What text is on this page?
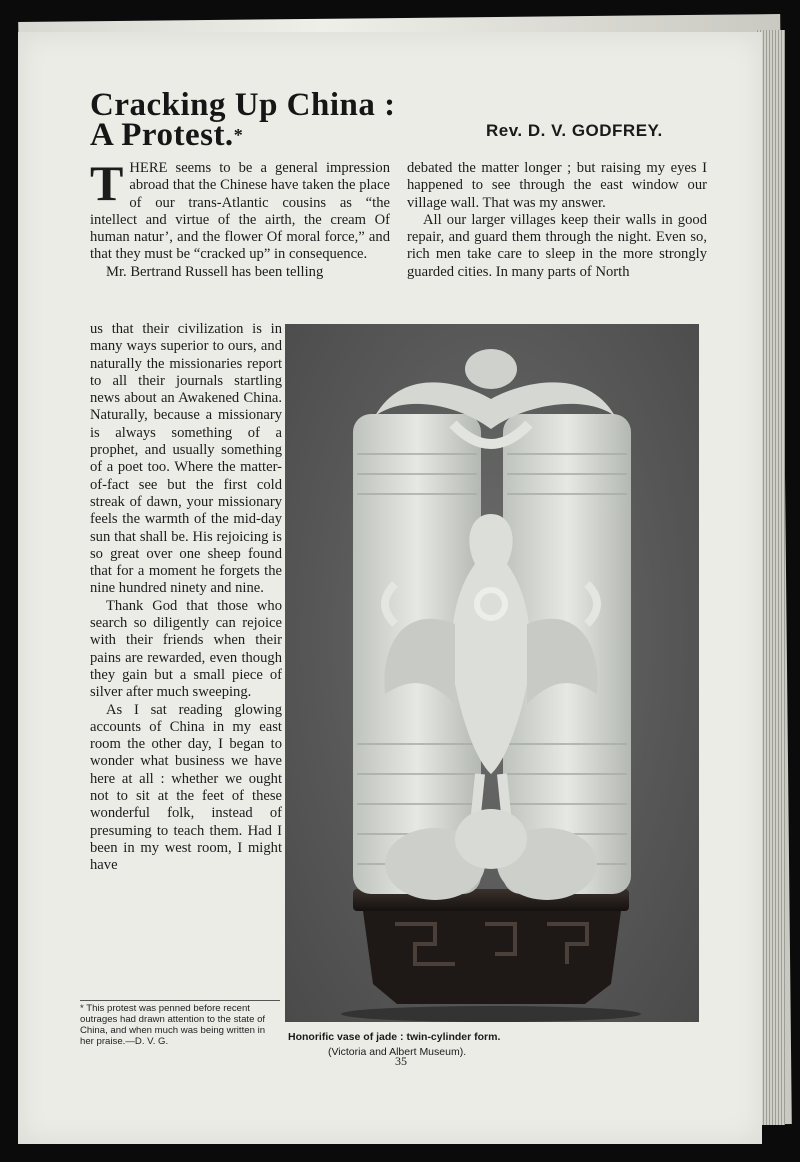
Cracking Up China :
A Protest.*	Rev. D. V. GODFREY.

THERE seems to be a general impression abroad that the Chinese have taken the place of our trans-Atlantic cousins as “the intellect and virtue of the airth, the cream Of human natur’, and the flower Of moral force,” and that they must be “cracked up” in consequence.

Mr. Bertrand Russell has been telling

us that their civilization is in many ways superior to ours, and naturally the missionaries report to all their journals startling news about an Awakened China. Naturally, because a missionary is always something of a prophet, and usually something of a poet too. Where the matter-of-fact see but the first cold streak of dawn, your missionary feels the warmth of the mid-day sun that shall be. His rejoicing is so great over one sheep found that for a moment he forgets the nine hundred ninety and nine.

Thank God that those who search so diligently can rejoice with their friends when their pains are rewarded, even though they gain but a small piece of silver after much sweeping.

As I sat reading glowing accounts of China in my east room the other day, I began to wonder what business we have here at all : whether we ought not to sit at the feet of these wonderful folk, instead of presuming to teach them. Had I been in my west room, I might have

debated the matter longer ; but raising my eyes I happened to see through the east window our village wall. That was my answer.

All our larger villages keep their walls in good repair, and guard them through the night. Even so, rich men take care to sleep in the more strongly guarded cities. In many parts of North

* This protest was penned before recent outrages had drawn attention to the state of China, and when much was being written in her praise.—D. V. G.	Honorific vase of jade : twin-cylinder form.
(Victoria and Albert Museum).
35
